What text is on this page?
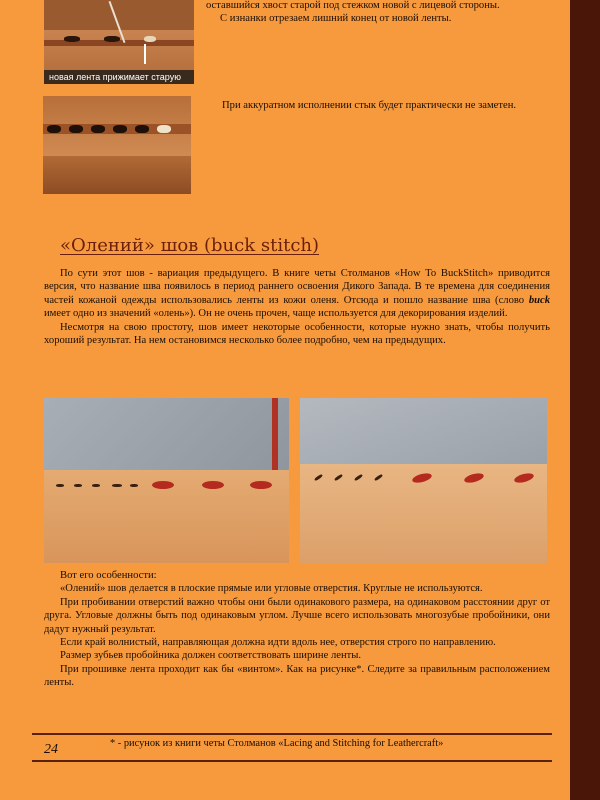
новая лента прижимает старую
оставшийся хвост старой под стежком новой с лицевой стороны.
С изнанки отрезаем лишний конец от новой ленты.

При аккуратном исполнении стык будет практически не заметен.

«Олений» шов (buck stitch)

По сути этот шов - вариация предыдущего. В книге четы Столманов «How To BuckStitch» приводится версия, что название шва появилось в период раннего освоения Дикого Запада. В те времена для соединения частей кожаной одежды использовались ленты из кожи оленя. Отсюда и пошло название шва (слово buck имеет одно из значений «олень»). Он не очень прочен, чаще используется для декорирования изделий.

Несмотря на свою простоту, шов имеет некоторые особенности, которые нужно знать, чтобы получить хороший результат. На нем остановимся несколько более подробно, чем на предыдущих.

Вот его особенности:

«Олений» шов делается в плоские прямые или угловые отверстия. Круглые не используются.

При пробивании отверстий важно чтобы они были одинакового размера, на одинаковом расстоянии друг от друга. Угловые должны быть под одинаковым углом. Лучше всего использовать многозубые пробойники, они дадут нужный результат.

Если край волнистый, направляющая должна идти вдоль нее, отверстия строго по направлению.

Размер зубьев пробойника должен соответствовать ширине ленты.

При прошивке лента проходит как бы «винтом». Как на рисунке*. Следите за правильным расположением ленты.

* - рисунок из книги четы Столманов «Lacing and Stitching for Leathercraft»
24
